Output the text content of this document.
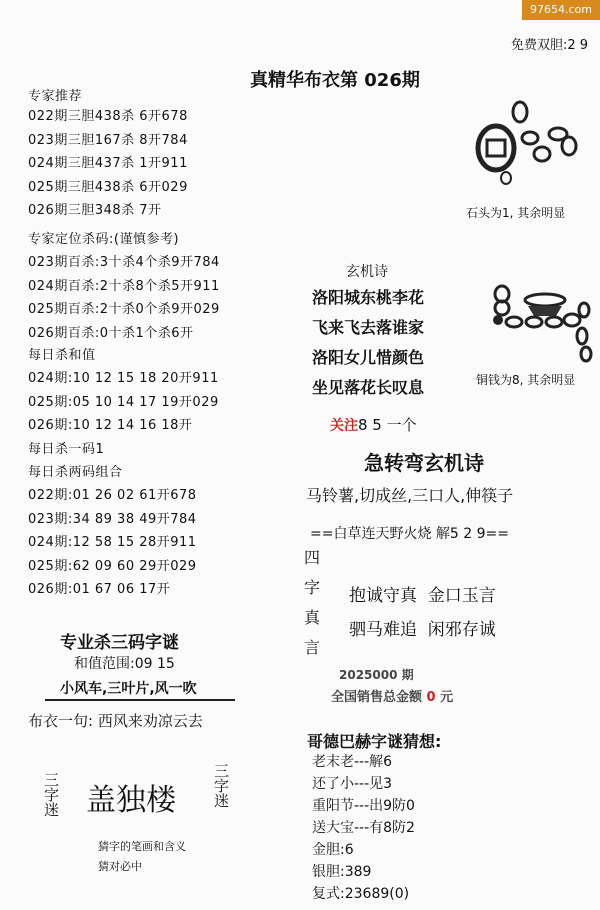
97654.com
免费双胆:2 9
真精华布衣第 026期
专家推荐
022期三胆438杀 6开678
023期三胆167杀 8开784
024期三胆437杀 1开911
025期三胆438杀 6开029
026期三胆348杀 7开
专家定位杀码:(谨慎参考)
023期百杀:3十杀4个杀9开784
024期百杀:2十杀8个杀5开911
025期百杀:2十杀0个杀9开029
026期百杀:0十杀1个杀6开
每日杀和值
024期:10 12 15 18 20开911
025期:05 10 14 17 19开029
026期:10 12 14 16 18开
每日杀一码1
每日杀两码组合
022期:01 26 02 61开678
023期:34 89 38 49开784
024期:12 58 15 28开911
025期:62 09 60 29开029
026期:01 67 06 17开
专业杀三码字谜
和值范围:09 15
小风车,三叶片,风一吹
布衣一句: 西风来劝凉云去
三字迷 盖独楼 三字迷
猜字的笔画和含义
猜对必中
石头为1, 其余明显
铜钱为8, 其余明显
玄机诗
洛阳城东桃李花
飞来飞去落谁家
洛阳女儿惜颜色
坐见落花长叹息
关注8 5 一个
急转弯玄机诗
马铃薯,切成丝,三口人,伸筷子
==白草连天野火烧 解5 2 9==
四
字
真
言
抱诚守真  金口玉言
驷马难追  闲邪存诚
2025000 期
全国销售总金额 0 元
哥德巴赫字谜猜想:
老末老---解6
还了小---见3
重阳节---出9防0
送大宝---有8防2
金胆:6
银胆:389
复式:23689(0)
